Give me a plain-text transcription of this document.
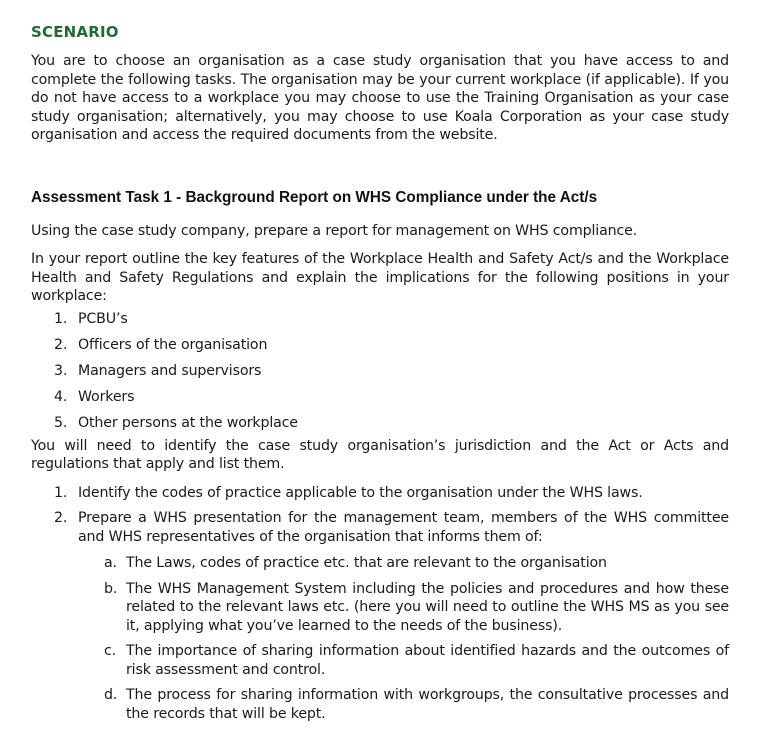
SCENARIO

You are to choose an organisation as a case study organisation that you have access to and complete the following tasks. The organisation may be your current workplace (if applicable). If you do not have access to a workplace you may choose to use the Training Organisation as your case study organisation; alternatively, you may choose to use Koala Corporation as your case study organisation and access the required documents from the website.

Assessment Task 1 - Background Report on WHS Compliance under the Act/s

Using the case study company, prepare a report for management on WHS compliance.

In your report outline the key features of the Workplace Health and Safety Act/s and the Workplace Health and Safety Regulations and explain the implications for the following positions in your workplace:

1. PCBU’s
2. Officers of the organisation
3. Managers and supervisors
4. Workers
5. Other persons at the workplace

You will need to identify the case study organisation’s jurisdiction and the Act or Acts and regulations that apply and list them.

1. Identify the codes of practice applicable to the organisation under the WHS laws.
2. Prepare a WHS presentation for the management team, members of the WHS committee and WHS representatives of the organisation that informs them of:
a. The Laws, codes of practice etc. that are relevant to the organisation
b. The WHS Management System including the policies and procedures and how these related to the relevant laws etc. (here you will need to outline the WHS MS as you see it, applying what you’ve learned to the needs of the business).
c. The importance of sharing information about identified hazards and the outcomes of risk assessment and control.
d. The process for sharing information with workgroups, the consultative processes and the records that will be kept.
